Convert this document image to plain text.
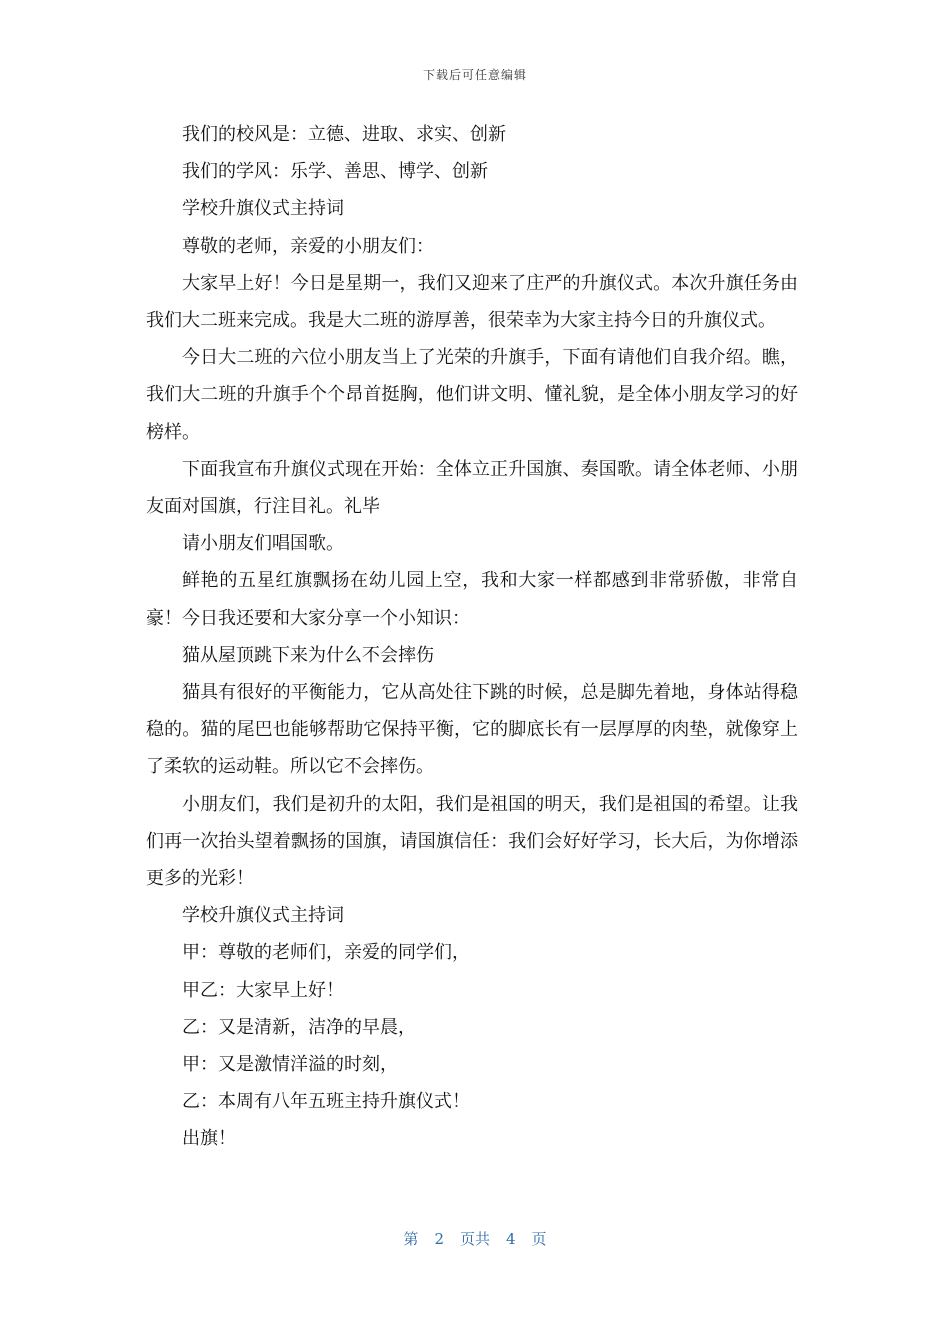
下载后可任意编辑

我们的校风是：立德、进取、求实、创新

我们的学风：乐学、善思、博学、创新

学校升旗仪式主持词

尊敬的老师，亲爱的小朋友们：

大家早上好！今日是星期一，我们又迎来了庄严的升旗仪式。本次升旗任务由我们大二班来完成。我是大二班的游厚善，很荣幸为大家主持今日的升旗仪式。

今日大二班的六位小朋友当上了光荣的升旗手，下面有请他们自我介绍。瞧，我们大二班的升旗手个个昂首挺胸，他们讲文明、懂礼貌，是全体小朋友学习的好榜样。

下面我宣布升旗仪式现在开始：全体立正升国旗、奏国歌。请全体老师、小朋友面对国旗，行注目礼。礼毕

请小朋友们唱国歌。

鲜艳的五星红旗飘扬在幼儿园上空，我和大家一样都感到非常骄傲，非常自豪！今日我还要和大家分享一个小知识：

猫从屋顶跳下来为什么不会摔伤

猫具有很好的平衡能力，它从高处往下跳的时候，总是脚先着地，身体站得稳稳的。猫的尾巴也能够帮助它保持平衡，它的脚底长有一层厚厚的肉垫，就像穿上了柔软的运动鞋。所以它不会摔伤。

小朋友们，我们是初升的太阳，我们是祖国的明天，我们是祖国的希望。让我们再一次抬头望着飘扬的国旗，请国旗信任：我们会好好学习，长大后，为你增添更多的光彩！

学校升旗仪式主持词

甲：尊敬的老师们，亲爱的同学们，

甲乙：大家早上好！

乙：又是清新，洁净的早晨，

甲：又是激情洋溢的时刻，

乙：本周有八年五班主持升旗仪式！

出旗！

第 2 页共 4 页
